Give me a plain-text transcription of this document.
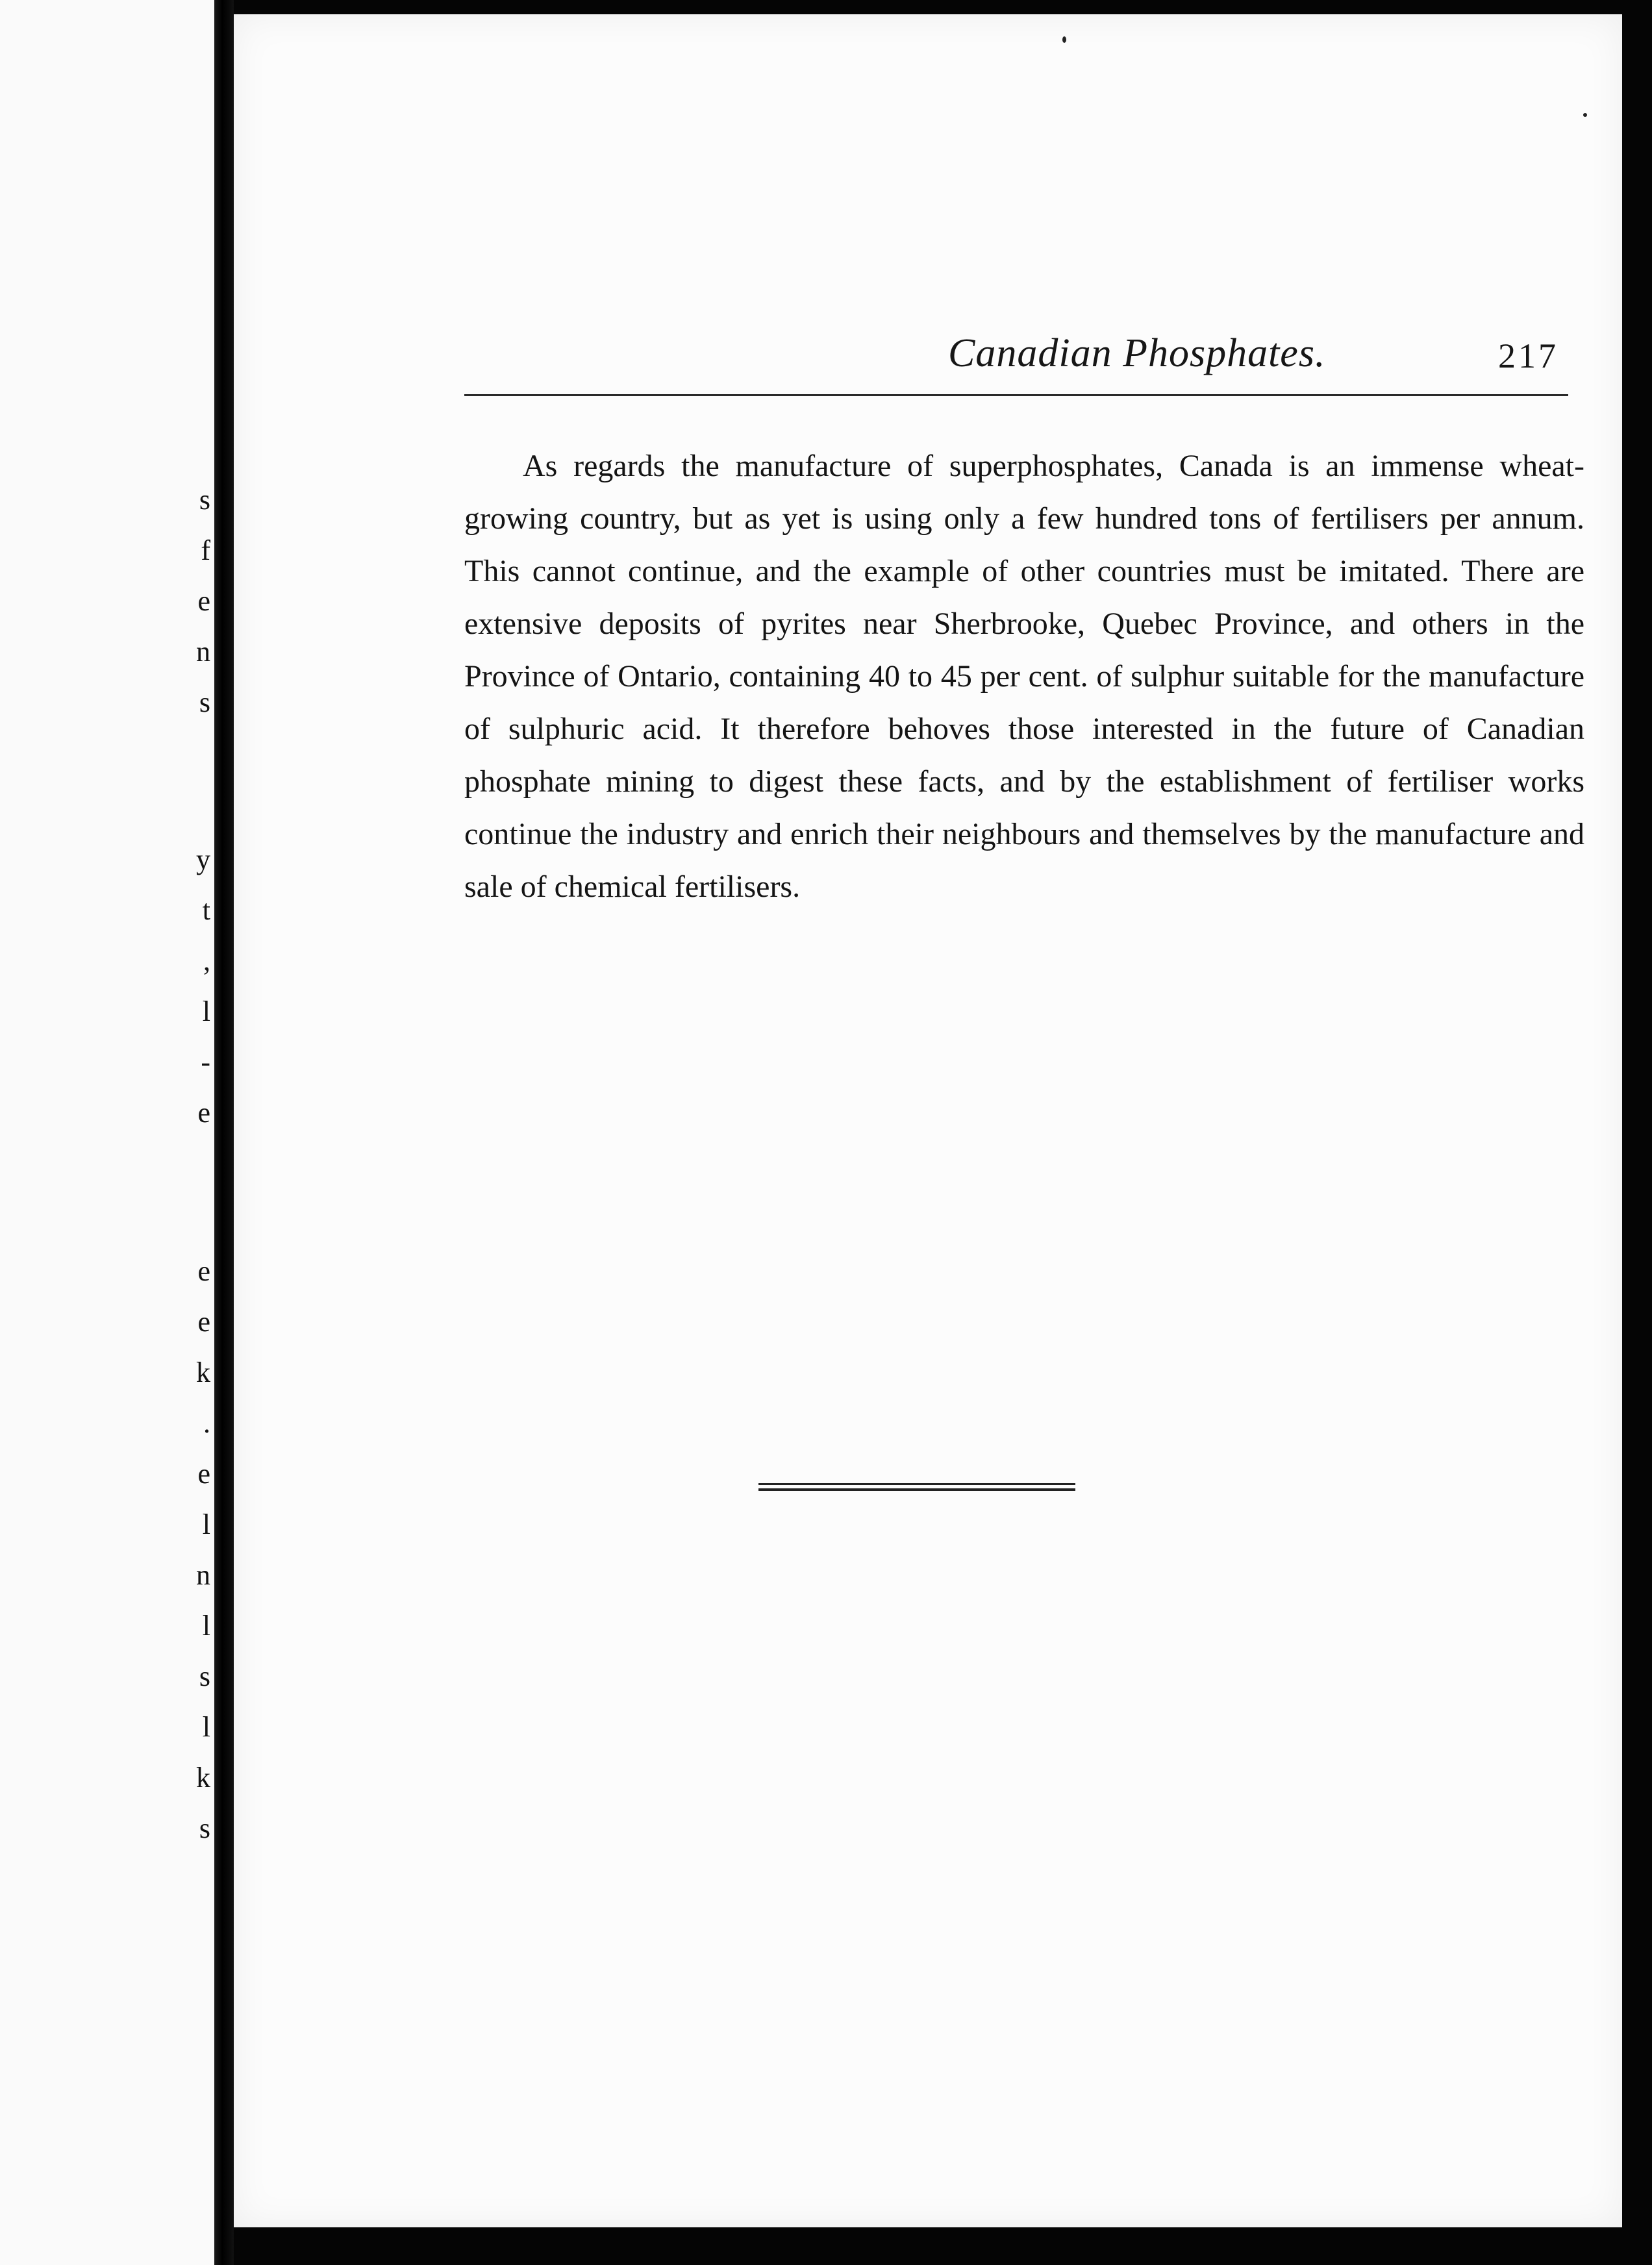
s
f
e
n
s
y
t
,
l
-
e
e
e
k
.
e
l
n
l
s
l
k
s
Canadian Phosphates.	217

As regards the manufacture of superphosphates, Canada is an immense wheat-growing country, but as yet is using only a few hundred tons of fertilisers per annum. This cannot continue, and the example of other countries must be imitated. There are extensive deposits of pyrites near Sherbrooke, Quebec Province, and others in the Province of Ontario, containing 40 to 45 per cent. of sulphur suitable for the manufacture of sulphuric acid. It therefore behoves those interested in the future of Canadian phosphate mining to digest these facts, and by the establishment of fertiliser works continue the industry and enrich their neighbours and themselves by the manufacture and sale of chemical fertilisers.
